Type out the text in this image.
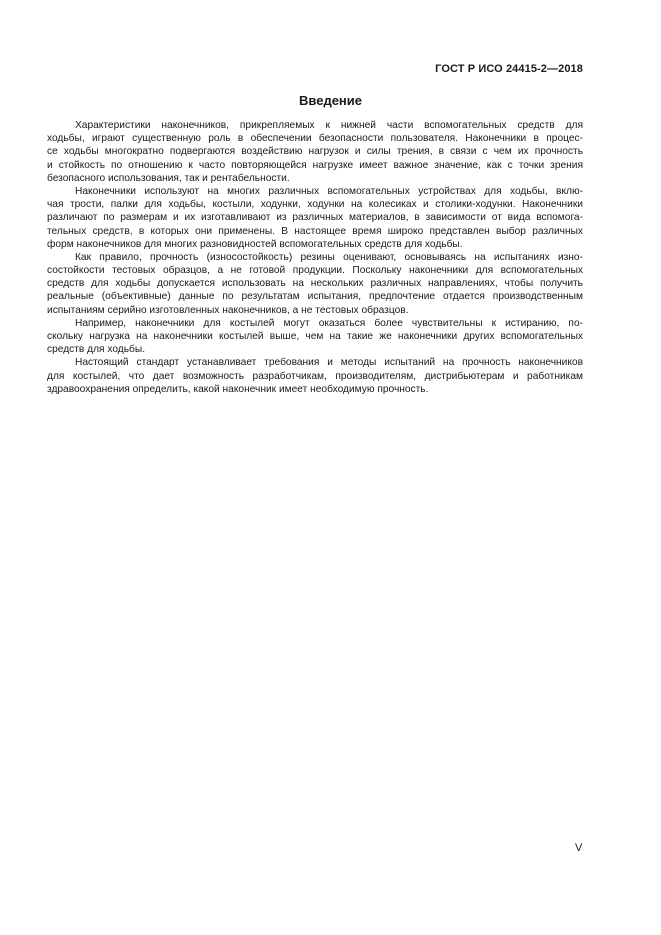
ГОСТ Р ИСО 24415-2—2018
Введение
Характеристики наконечников, прикрепляемых к нижней части вспомогательных средств для
ходьбы, играют существенную роль в обеспечении безопасности пользователя. Наконечники в процес-
се ходьбы многократно подвергаются воздействию нагрузок и силы трения, в связи с чем их прочность
и стойкость по отношению к часто повторяющейся нагрузке имеет важное значение, как с точки зрения
безопасного использования, так и рентабельности.
Наконечники используют на многих различных вспомогательных устройствах для ходьбы, вклю-
чая трости, палки для ходьбы, костыли, ходунки, ходунки на колесиках и столики-ходунки. Наконечники
различают по размерам и их изготавливают из различных материалов, в зависимости от вида вспомога-
тельных средств, в которых они применены. В настоящее время широко представлен выбор различных
форм наконечников для многих разновидностей вспомогательных средств для ходьбы.
Как правило, прочность (износостойкость) резины оценивают, основываясь на испытаниях изно-
состойкости тестовых образцов, а не готовой продукции. Поскольку наконечники для вспомогательных
средств для ходьбы допускается использовать на нескольких различных направлениях, чтобы получить
реальные (объективные) данные по результатам испытания, предпочтение отдается производственным
испытаниям серийно изготовленных наконечников, а не тестовых образцов.
Например, наконечники для костылей могут оказаться более чувствительны к истиранию, по-
скольку нагрузка на наконечники костылей выше, чем на такие же наконечники других вспомогательных
средств для ходьбы.
Настоящий стандарт устанавливает требования и методы испытаний на прочность наконечников
для костылей, что дает возможность разработчикам, производителям, дистрибьютерам и работникам
здравоохранения определить, какой наконечник имеет необходимую прочность.
V
